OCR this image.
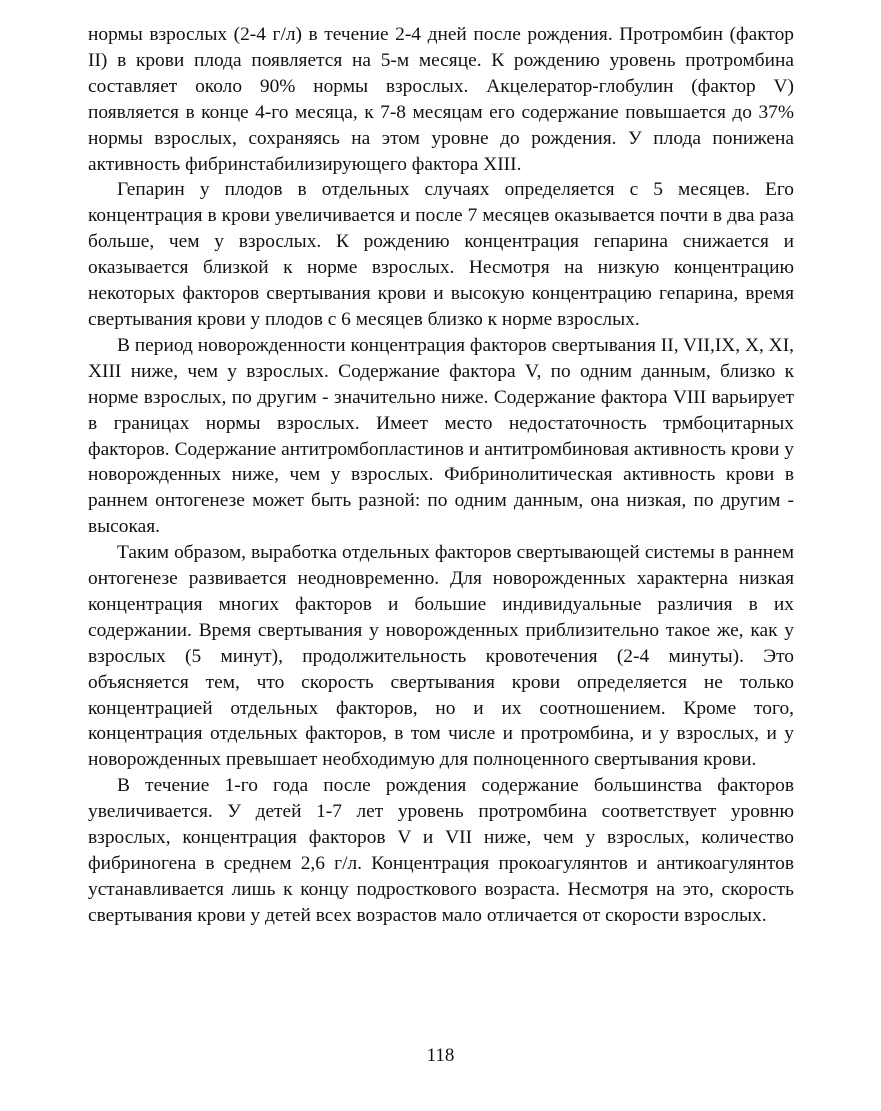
нормы взрослых (2-4 г/л) в течение 2-4 дней после рождения. Протромбин (фактор II) в крови плода появляется на 5-м месяце. К рождению уровень протромбина составляет около 90% нормы взрослых. Акцелератор-глобулин (фактор V) появляется в конце 4-го месяца, к 7-8 месяцам его содержание повышается до 37% нормы взрослых, сохраняясь на этом уровне до рождения. У плода понижена активность фибринстабилизирующего фактора XIII.

Гепарин у плодов в отдельных случаях определяется с 5 месяцев. Его концентрация в крови увеличивается и после 7 месяцев оказывается почти в два раза больше, чем у взрослых. К рождению концентрация гепарина снижается и оказывается близкой к норме взрослых. Несмотря на низкую концентрацию некоторых факторов свертывания крови и высокую концентрацию гепарина, время свертывания крови у плодов с 6 месяцев близко к норме взрослых.

В период новорожденности концентрация факторов свертывания II, VII,IX, X, XI, XIII ниже, чем у взрослых. Содержание фактора V, по одним данным, близко к норме взрослых, по другим - значительно ниже. Содержание фактора VIII варьирует в границах нормы взрослых. Имеет место недостаточность трмбоцитарных факторов. Содержание антитромбопластинов и антитромбиновая активность крови у новорожденных ниже, чем у взрослых. Фибринолитическая активность крови в раннем онтогенезе может быть разной: по одним данным, она низкая, по другим - высокая.

Таким образом, выработка отдельных факторов свертывающей системы в раннем онтогенезе развивается неодновременно. Для новорожденных характерна низкая концентрация многих факторов и большие индивидуальные различия в их содержании. Время свертывания у новорожденных приблизительно такое же, как у взрослых (5 минут), продолжительность кровотечения (2-4 минуты). Это объясняется тем, что скорость свертывания крови определяется не только концентрацией отдельных факторов, но и их соотношением. Кроме того, концентрация отдельных факторов, в том числе и протромбина, и у взрослых, и у новорожденных превышает необходимую для полноценного свертывания крови.

В течение 1-го года после рождения содержание большинства факторов увеличивается. У детей 1-7 лет уровень протромбина соответствует уровню взрослых, концентрация факторов V и VII ниже, чем у взрослых, количество фибриногена в среднем 2,6 г/л. Концентрация прокоагулянтов и антикоагулянтов устанавливается лишь к концу подросткового возраста. Несмотря на это, скорость свертывания крови у детей всех возрастов мало отличается от скорости взрослых.

118
